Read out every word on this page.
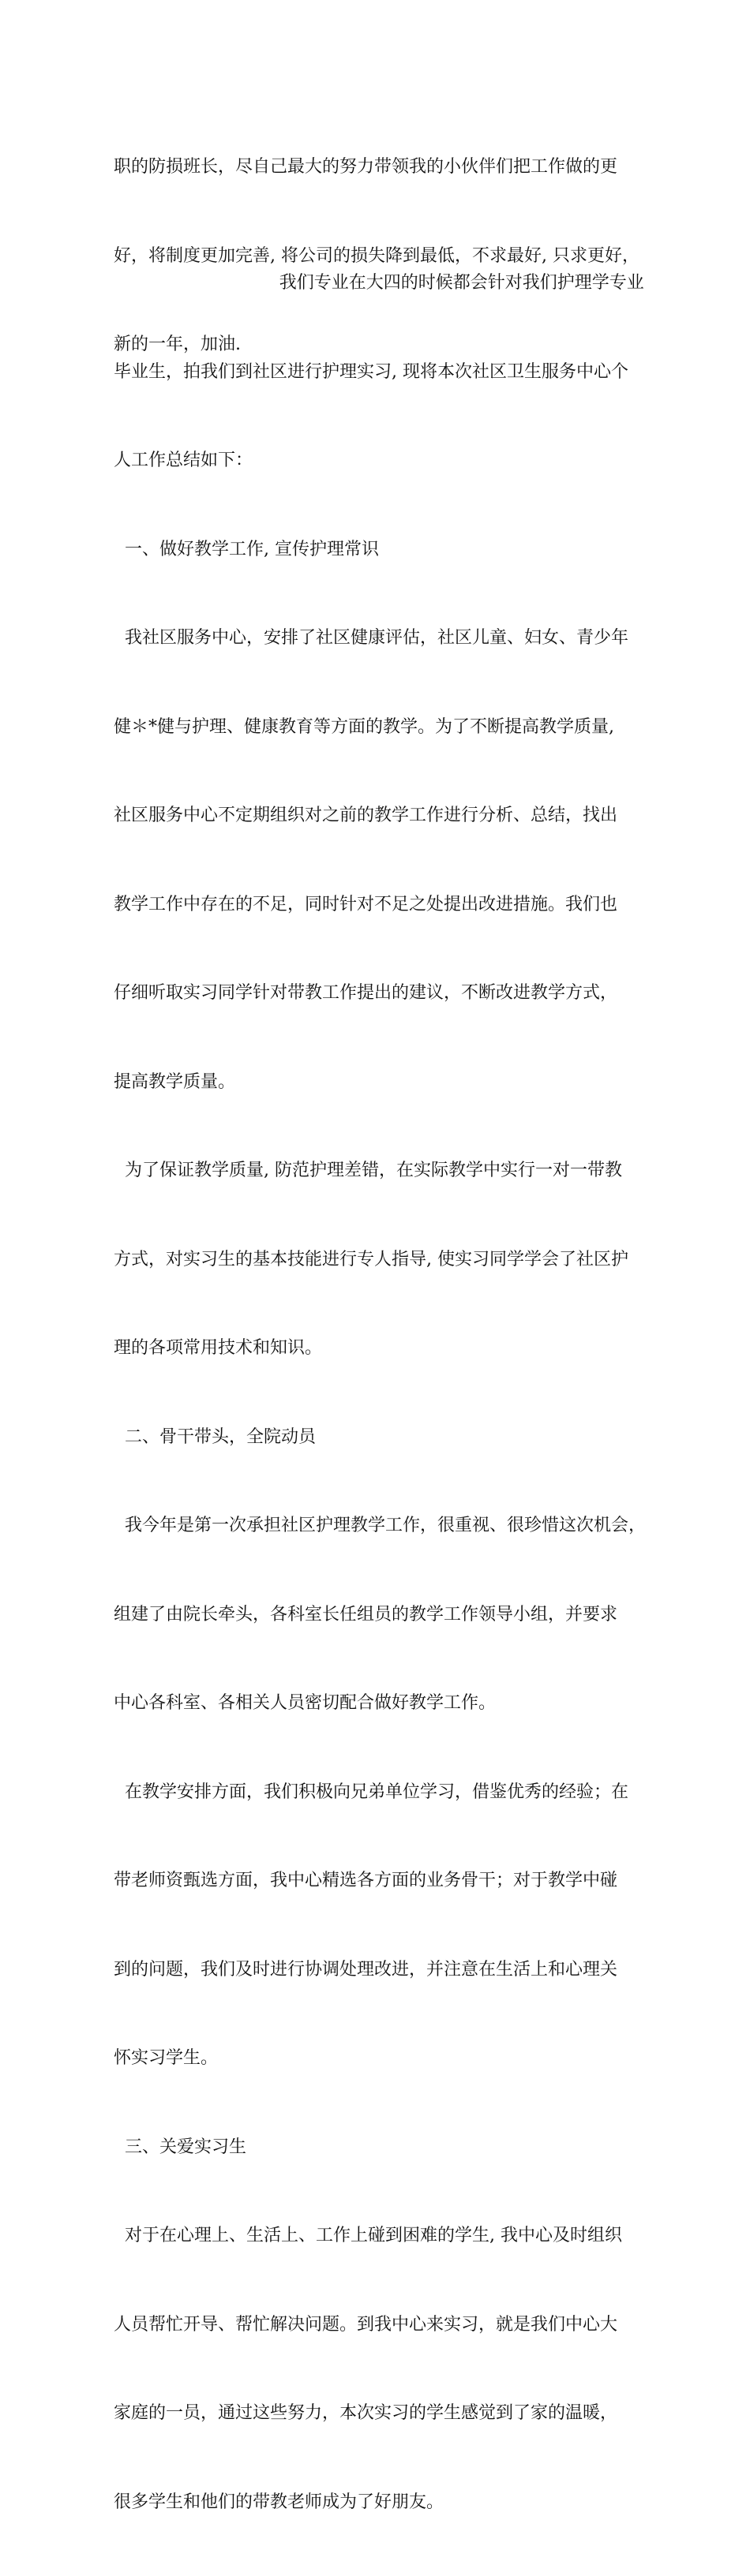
职的防损班长，尽自己最大的努力带领我的小伙伴们把工作做的更

好，将制度更加完善, 将公司的损失降到最低，不求最好, 只求更好，

新的一年，加油.

我们专业在大四的时候都会针对我们护理学专业

毕业生，拍我们到社区进行护理实习, 现将本次社区卫生服务中心个

人工作总结如下：

一、做好教学工作, 宣传护理常识

我社区服务中心，安排了社区健康评估，社区儿童、妇女、青少年

健＊*健与护理、健康教育等方面的教学。为了不断提高教学质量,

社区服务中心不定期组织对之前的教学工作进行分析、总结，找出

教学工作中存在的不足，同时针对不足之处提出改进措施。我们也

仔细听取实习同学针对带教工作提出的建议，不断改进教学方式，

提高教学质量。

为了保证教学质量, 防范护理差错，在实际教学中实行一对一带教

方式，对实习生的基本技能进行专人指导, 使实习同学学会了社区护

理的各项常用技术和知识。

二、骨干带头，全院动员

我今年是第一次承担社区护理教学工作，很重视、很珍惜这次机会，

组建了由院长牵头，各科室长任组员的教学工作领导小组，并要求

中心各科室、各相关人员密切配合做好教学工作。

在教学安排方面，我们积极向兄弟单位学习，借鉴优秀的经验；在

带老师资甄选方面，我中心精选各方面的业务骨干；对于教学中碰

到的问题，我们及时进行协调处理改进，并注意在生活上和心理关

怀实习学生。

三、关爱实习生

对于在心理上、生活上、工作上碰到困难的学生, 我中心及时组织

人员帮忙开导、帮忙解决问题。到我中心来实习，就是我们中心大

家庭的一员，通过这些努力，本次实习的学生感觉到了家的温暖，

很多学生和他们的带教老师成为了好朋友。
